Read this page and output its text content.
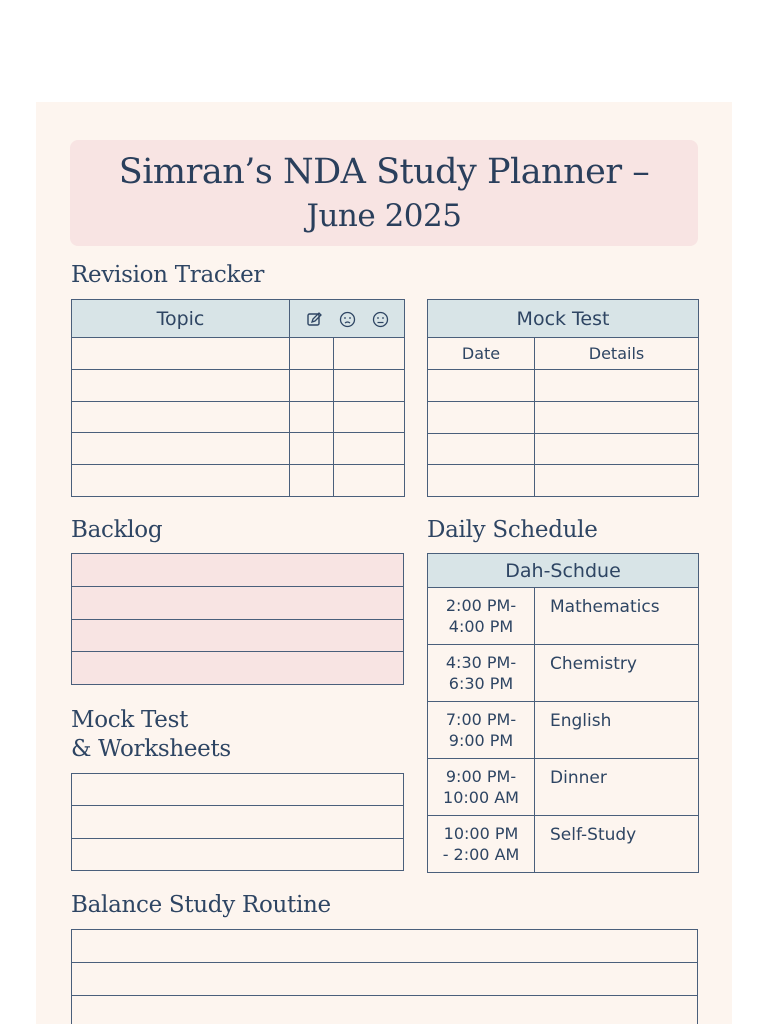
Simran’s NDA Study Planner –
June 2025
Revision Tracker
Topic	

			Mock Test	
Date	Details

Backlog	Daily Schedule
Dah-Schdue	
2:00 PM-
4:00 PM	Mathematics
4:30 PM-
6:30 PM	Chemistry
7:00 PM-
9:00 PM	English
9:00 PM-
10:00 AM	Dinner
10:00 PM
- 2:00 AM	Self-Study
Mock Test
& Worksheets

Balance Study Routine
